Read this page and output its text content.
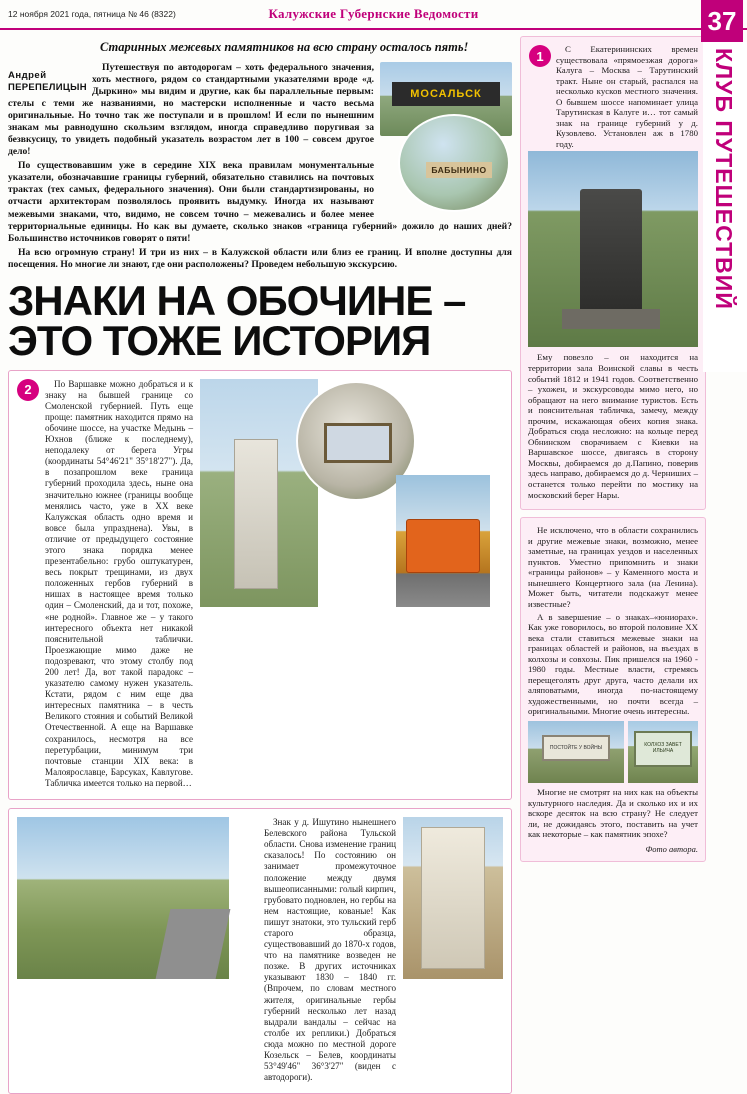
12 ноября 2021 года, пятница № 46 (8322)	Калужские Губернские Ведомости	37
КЛУБ ПУТЕШЕСТВИЙ
Старинных межевых памятников на всю страну осталось пять!
Андрей
ПЕРЕПЕЛИЦЫН
МОСАЛЬСК
БАБЫНИНО

Путешествуя по автодорогам – хоть федерального значения, хоть местного, рядом со стандартными указателями вроде «д. Дыркино» мы видим и другие, как бы параллельные первым: стелы с теми же названиями, но мастерски исполненные и часто весьма оригинальные. Но точно так же поступали и в прошлом! И если по нынешним знакам мы равнодушно скользим взглядом, иногда справедливо поругивая за безвкусицу, то увидеть подобный указатель возрастом лет в 100 – совсем другое дело!

По существовавшим уже в середине XIX века правилам монументальные указатели, обозначавшие границы губерний, обязательно ставились на почтовых трактах (тех самых, федерального значения). Они были стандартизированы, но отчасти архитекторам позволялось проявить выдумку. Иногда их называют межевыми знаками, что, видимо, не совсем точно – межевались и более менее территориальные единицы. Но как вы думаете, сколько знаков «граница губерний» дожило до наших дней? Большинство источников говорят о пяти!

На всю огромную страну! И три из них – в Калужской области или близ ее границ. И вполне доступны для посещения. Но многие ли знают, где они расположены? Проведем небольшую экскурсию.

ЗНАКИ НА ОБОЧИНЕ –
ЭТО ТОЖЕ ИСТОРИЯ
2	По Варшавке можно добраться и к знаку на бывшей границе со Смоленской губернией. Путь еще проще: памятник находится прямо на обочине шоссе, на участке Медынь – Юхнов (ближе к последнему), неподалеку от берега Угры (координаты 54°46'21" 35°18'27"). Да, в позапрошлом веке граница губерний проходила здесь, ныне она значительно южнее (границы вообще менялись часто, уже в XX веке Калужская область одно время и вовсе была упразднена). Увы, в отличие от предыдущего состояние этого знака порядка менее презентабельно: грубо оштукатурен, весь покрыт трещинами, из двух положенных гербов губерний в нишах в настоящее время только один – Смоленский, да и тот, похоже, «не родной». Главное же – у такого интересного объекта нет никакой пояснительной таблички. Проезжающие мимо даже не подозревают, что этому столбу под 200 лет! Да, вот такой парадокс – указателю самому нужен указатель. Кстати, рядом с ним еще два интересных памятника – в честь Великого стояния и событий Великой Отечественной. А еще на Варшавке сохранилось, несмотря на все перетурбации, минимум три почтовые станции XIX века: в Малоярославце, Барсуках, Кавлугове. Табличка имеется только на первой…

Знак у д. Ишутино нынешнего Белевского района Тульской области. Снова изменение границ сказалось! По состоянию он занимает промежуточное положение между двумя вышеописанными: голый кирпич, грубовато подновлен, но гербы на нем настоящие, кованые! Как пишут знатоки, это тульский герб старого образца, существовавший до 1870-х годов, что на памятнике возведен не позже. В других источниках указывают 1830 – 1840 гг. (Впрочем, по словам местного жителя, оригинальные гербы губерний несколько лет назад выдрали вандалы – сейчас на столбе их реплики.) Добраться сюда можно по местной дороге Козельск – Белев, координаты 53°49'46" 36°3'27" (виден с автодороги).

1	С Екатерининских времен существовала «прямоезжая дорога» Калуга – Москва – Тарутинский тракт. Ныне он старый, распался на несколько кусков местного значения. О бывшем шоссе напоминает улица Тарутинская в Калуге и… тот самый знак на границе губерний у д. Кузовлево. Установлен аж в 1780 году.

Ему повезло – он находится на территории зала Воинской славы в честь событий 1812 и 1941 годов. Соответственно – ухожен, и экскурсоводы мимо него, но обращают на него внимание туристов. Есть и пояснительная табличка, замечу, между прочим, искажающая обеих копия знака. Добраться сюда несложно: на кольце перед Обнинском сворачиваем с Киевки на Варшавское шоссе, двигаясь в сторону Москвы, добираемся до д.Папино, поверив здесь направо, добираемся до д. Черниших – останется только перейти по мостику на московский берег Нары.

Не исключено, что в области сохранились и другие межевые знаки, возможно, менее заметные, на границах уездов и населенных пунктов. Уместно припомнить и знаки «границы районов» – у Каменного моста и нынешнего Концертного зала (на Ленина). Может быть, читатели подскажут менее известные?

А в завершение – о знаках–«юниорах». Как уже говорилось, во второй половине ХХ века стали ставиться межевые знаки на границах областей и районов, на въездах в колхозы и совхозы. Пик пришелся на 1960 - 1980 годы. Местные власти, стремясь перещеголять друг друга, часто делали их аляповатыми, иногда по-настоящему художественными, но почти всегда – оригинальными. Многие очень интересны.

ПОСТОЙТЕ У ВОЙНЫ	КОЛХОЗ ЗАВЕТ ИЛЬИЧА

Многие не смотрят на них как на объекты культурного наследия. Да и сколько их и их вскоре десяток на всю страну? Не следует ли, не дожидаясь этого, поставить на учет как некоторые – как памятник эпохе?

Фото автора.
